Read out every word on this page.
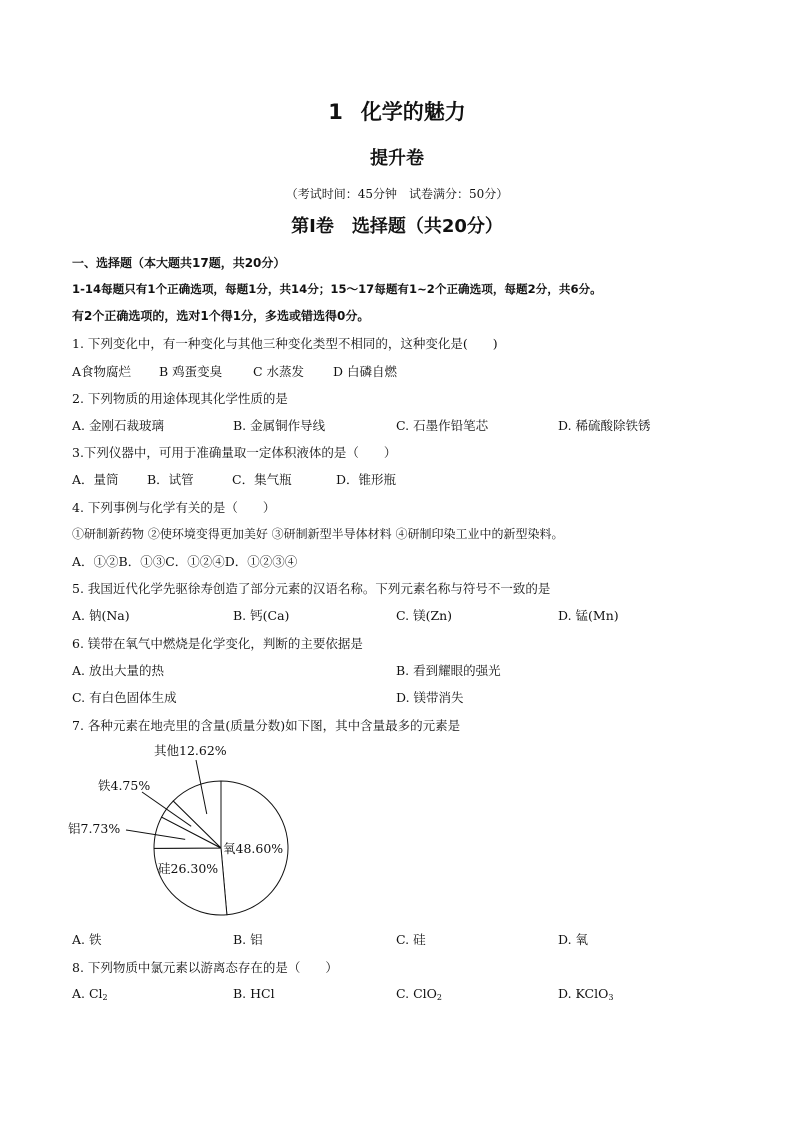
1 化学的魅力
提升卷
（考试时间：45分钟　试卷满分：50分）
第Ⅰ卷　选择题（共20分）
一、选择题（本大题共17题，共20分）
1-14每题只有1个正确选项，每题1分，共14分；15～17每题有1~2个正确选项，每题2分，共6分。
有2个正确选项的，选对1个得1分，多选或错选得0分。
1. 下列变化中，有一种变化与其他三种变化类型不相同的，这种变化是(　　)
A食物腐烂 B 鸡蛋变臭 C 水蒸发 D 白磷自燃
2. 下列物质的用途体现其化学性质的是
A. 金刚石裁玻璃	B. 金属铜作导线	C. 石墨作铅笔芯	D. 稀硫酸除铁锈
3.下列仪器中，可用于准确量取一定体积液体的是（　　）
A．量筒 B．试管	C．集气瓶	D．锥形瓶
4. 下列事例与化学有关的是（　　）
①研制新药物 ②使环境变得更加美好 ③研制新型半导体材料 ④研制印染工业中的新型染料。
A．①②B．①③C．①②④D．①②③④
5. 我国近代化学先驱徐寿创造了部分元素的汉语名称。下列元素名称与符号不一致的是
A. 钠(Na)	B. 钙(Ca)	C. 镁(Zn)	D. 锰(Mn)
6. 镁带在氧气中燃烧是化学变化，判断的主要依据是
A. 放出大量的热	B. 看到耀眼的强光
C. 有白色固体生成	D. 镁带消失
7. 各种元素在地壳里的含量(质量分数)如下图，其中含量最多的元素是
氧48.60%
硅26.30%
铝7.73%
铁4.75%
其他12.62%
A. 铁	B. 铝	C. 硅	D. 氧
8. 下列物质中氯元素以游离态存在的是（　　）
A. $Cl_2$	B. HCl	C. ClO$_2$	D. KClO$_3$
